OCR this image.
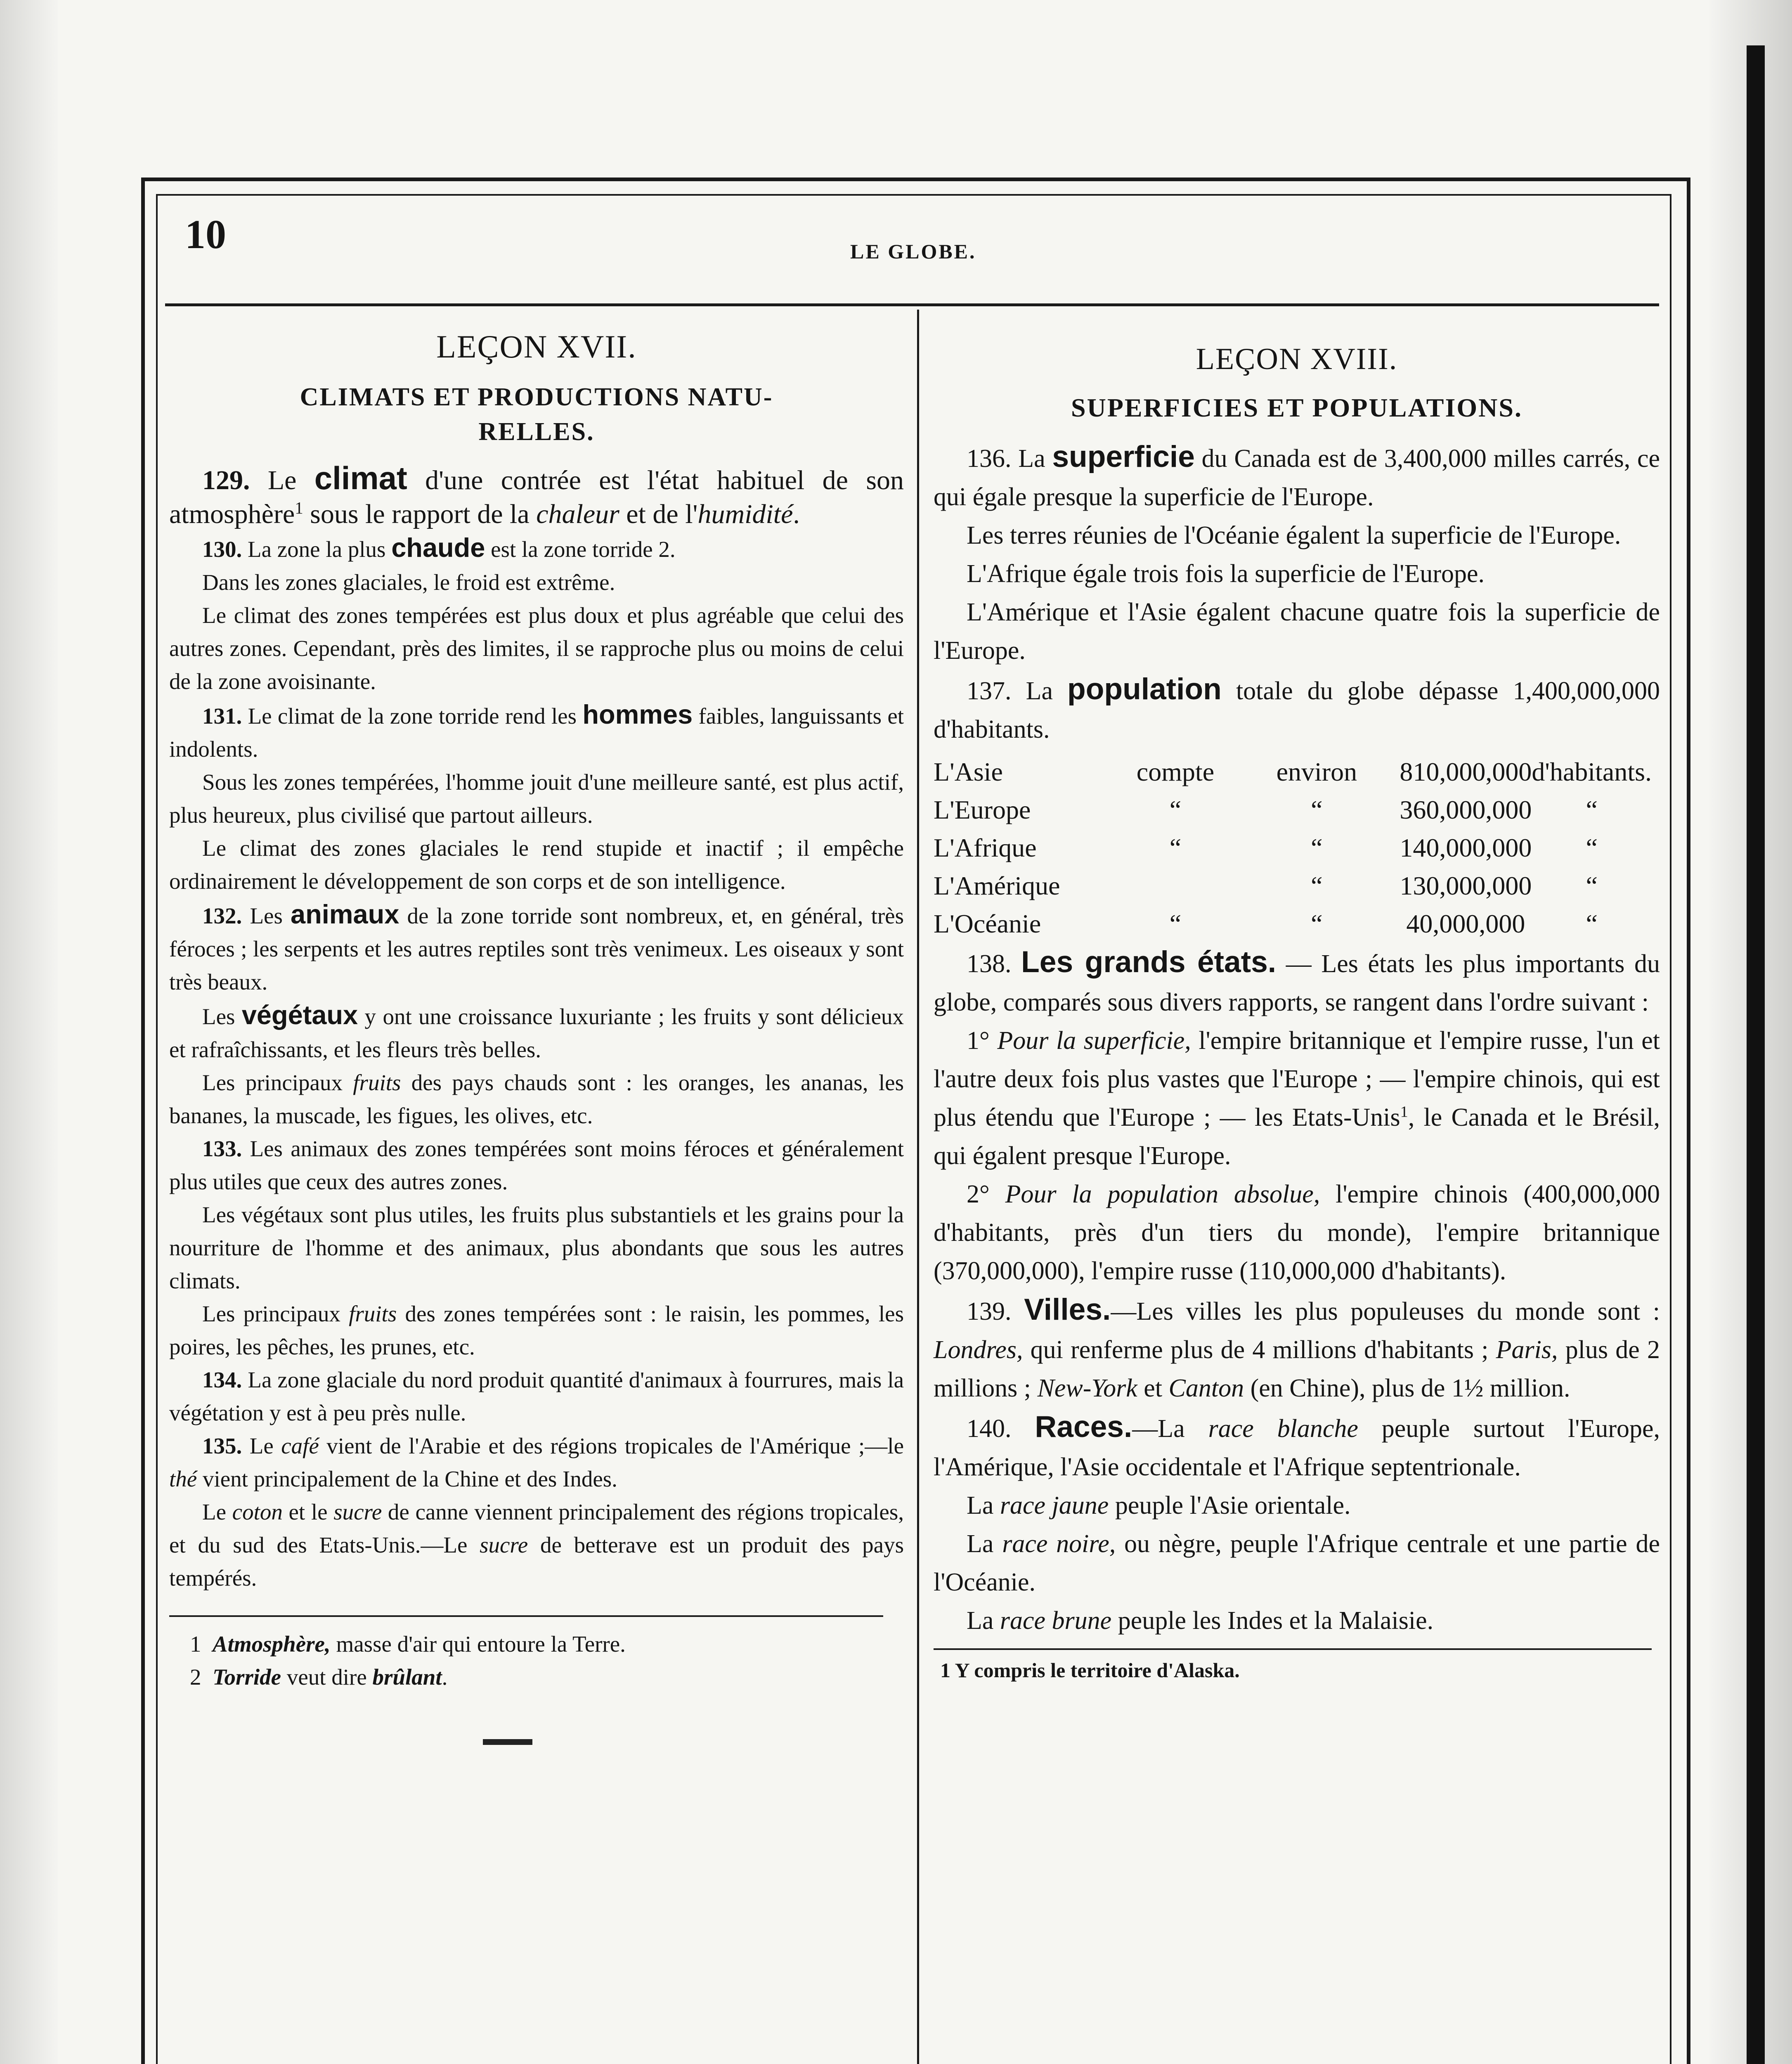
10	LE GLOBE.

LEÇON XVII.

CLIMATS ET PRODUCTIONS NATU-
RELLES.

129. Le climat d'une contrée est l'état habituel de son atmosphère$^1$ sous le rapport de la chaleur et de l'humidité.

130. La zone la plus chaude est la zone torride 2.

Dans les zones glaciales, le froid est extrême.

Le climat des zones tempérées est plus doux et plus agréable que celui des autres zones. Cependant, près des limites, il se rapproche plus ou moins de celui de la zone avoisinante.

131. Le climat de la zone torride rend les hommes faibles, languissants et indolents.

Sous les zones tempérées, l'homme jouit d'une meilleure santé, est plus actif, plus heureux, plus civilisé que partout ailleurs.

Le climat des zones glaciales le rend stupide et inactif ; il empêche ordinairement le développement de son corps et de son intelligence.

132. Les animaux de la zone torride sont nombreux, et, en général, très féroces ; les serpents et les autres reptiles sont très venimeux. Les oiseaux y sont très beaux.

Les végétaux y ont une croissance luxuriante ; les fruits y sont délicieux et rafraîchissants, et les fleurs très belles.

Les principaux fruits des pays chauds sont : les oranges, les ananas, les bananes, la muscade, les figues, les olives, etc.

133. Les animaux des zones tempérées sont moins féroces et généralement plus utiles que ceux des autres zones.

Les végétaux sont plus utiles, les fruits plus substantiels et les grains pour la nourriture de l'homme et des animaux, plus abondants que sous les autres climats.

Les principaux fruits des zones tempérées sont : le raisin, les pommes, les poires, les pêches, les prunes, etc.

134. La zone glaciale du nord produit quantité d'animaux à fourrures, mais la végétation y est à peu près nulle.

135. Le café vient de l'Arabie et des régions tropicales de l'Amérique ;—le thé vient principalement de la Chine et des Indes.

Le coton et le sucre de canne viennent principalement des régions tropicales, et du sud des Etats-Unis.—Le sucre de betterave est un produit des pays tempérés.

1 Atmosphère, masse d'air qui entoure la Terre.

2 Torride veut dire brûlant.

LEÇON XVIII.

SUPERFICIES ET POPULATIONS.

136. La superficie du Canada est de 3,400,000 milles carrés, ce qui égale presque la superficie de l'Europe.

Les terres réunies de l'Océanie égalent la superficie de l'Europe.

L'Afrique égale trois fois la superficie de l'Europe.

L'Amérique et l'Asie égalent chacune quatre fois la superficie de l'Europe.

137. La population totale du globe dépasse 1,400,000,000 d'habitants.

L'Asie	compte	environ	810,000,000	d'habitants.
L'Europe	“	“	360,000,000	“
L'Afrique	“	“	140,000,000	“
L'Amérique		“	130,000,000	“
L'Océanie	“	“	40,000,000	“

138. Les grands états. — Les états les plus importants du globe, comparés sous divers rapports, se rangent dans l'ordre suivant :

1° Pour la superficie, l'empire britannique et l'empire russe, l'un et l'autre deux fois plus vastes que l'Europe ; — l'empire chinois, qui est plus étendu que l'Europe ; — les Etats-Unis$^1$, le Canada et le Brésil, qui égalent presque l'Europe.

2° Pour la population absolue, l'empire chinois (400,000,000 d'habitants, près d'un tiers du monde), l'empire britannique (370,000,000), l'empire russe (110,000,000 d'habitants).

139. Villes.—Les villes les plus populeuses du monde sont : Londres, qui renferme plus de 4 millions d'habitants ; Paris, plus de 2 millions ; New-York et Canton (en Chine), plus de 1½ million.

140. Races.—La race blanche peuple surtout l'Europe, l'Amérique, l'Asie occidentale et l'Afrique septentrionale.

La race jaune peuple l'Asie orientale.

La race noire, ou nègre, peuple l'Afrique centrale et une partie de l'Océanie.

La race brune peuple les Indes et la Malaisie.

1 Y compris le territoire d'Alaska.
